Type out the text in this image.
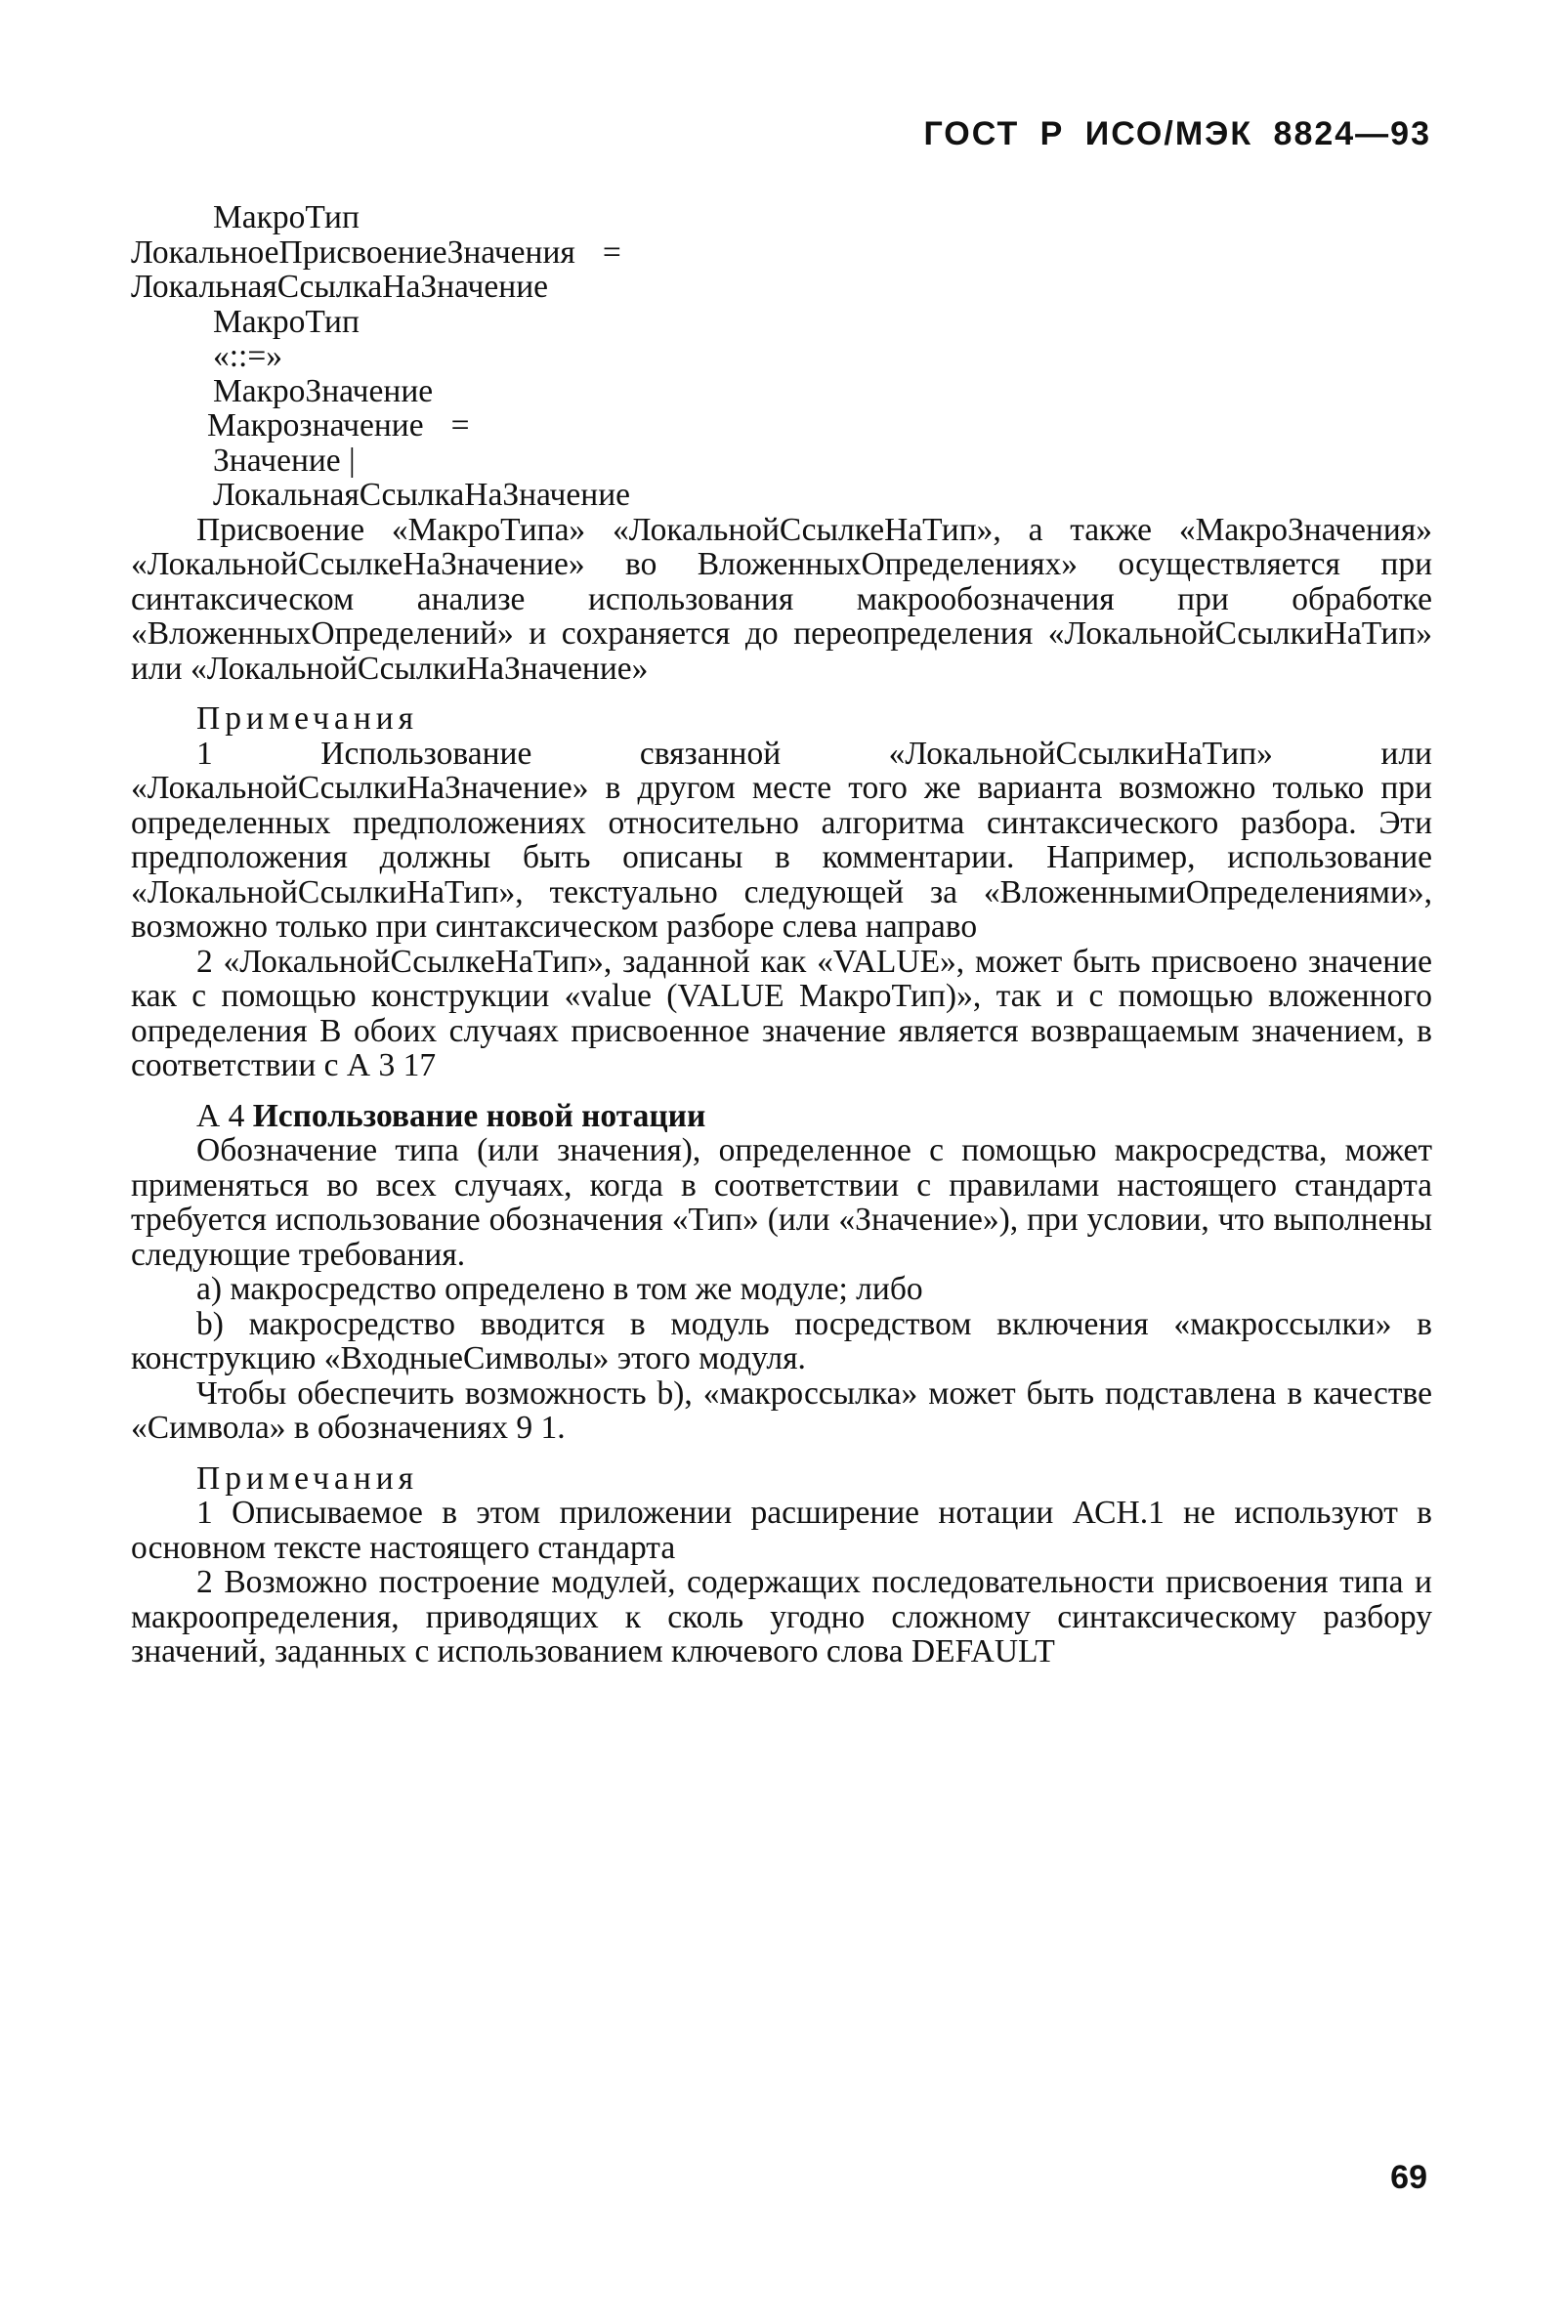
ГОСТ Р ИСО/МЭК 8824—93
МакроТип
ЛокальноеПрисвоениеЗначения =
ЛокальнаяСсылкаНаЗначение
МакроТип
«::=»
МакроЗначение
Макрозначение =
Значение |
ЛокальнаяСсылкаНаЗначение

Присвоение «МакроТипа» «ЛокальнойСсылкеНаТип», а также «МакроЗначения» «ЛокальнойСсылкеНаЗначение» во ВложенныхОпределениях» осуществляется при синтаксическом анализе использования макрообозначения при обработке «ВложенныхОпределений» и сохраняется до переопределения «ЛокальнойСсылкиНаТип» или «ЛокальнойСсылкиНаЗначение»

Примечания

1 Использование связанной «ЛокальнойСсылкиНаТип» или «ЛокальнойСсылкиНаЗначение» в другом месте того же варианта возможно только при определенных предположениях относительно алгоритма синтаксического разбора. Эти предположения должны быть описаны в комментарии. Например, использование «ЛокальнойСсылкиНаТип», текстуально следующей за «ВложеннымиОпределениями», возможно только при синтаксическом разборе слева направо

2 «ЛокальнойСсылкеНаТип», заданной как «VALUE», может быть присвоено значение как с помощью конструкции «value (VALUE МакроТип)», так и с помощью вложенного определения В обоих случаях присвоенное значение является возвращаемым значением, в соответствии с А 3 17

А 4 Использование новой нотации

Обозначение типа (или значения), определенное с помощью макросредства, может применяться во всех случаях, когда в соответствии с правилами настоящего стандарта требуется использование обозначения «Тип» (или «Значение»), при условии, что выполнены следующие требования.

а) макросредство определено в том же модуле; либо

b) макросредство вводится в модуль посредством включения «макроссылки» в конструкцию «ВходныеСимволы» этого модуля.

Чтобы обеспечить возможность b), «макроссылка» может быть подставлена в качестве «Символа» в обозначениях 9 1.

Примечания

1 Описываемое в этом приложении расширение нотации АСН.1 не используют в основном тексте настоящего стандарта

2 Возможно построение модулей, содержащих последовательности присвоения типа и макроопределения, приводящих к сколь угодно сложному синтаксическому разбору значений, заданных с использованием ключевого слова DEFAULT

69
